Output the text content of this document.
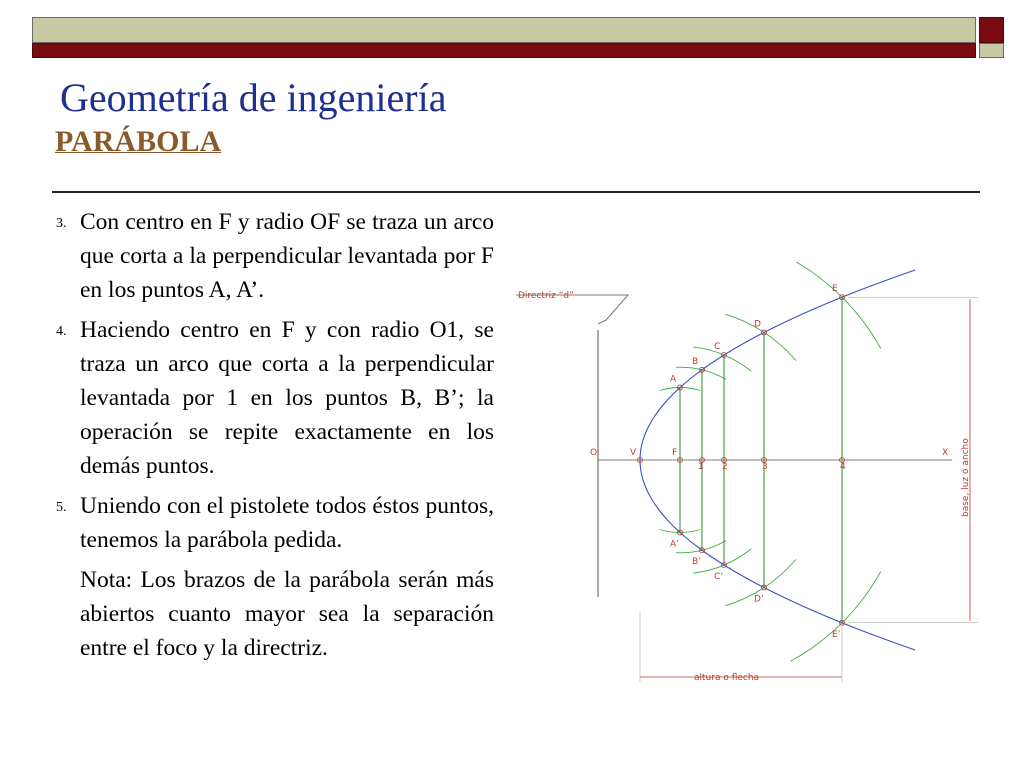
Geometría de ingeniería
PARÁBOLA
3. Con centro en F y radio OF se traza un arco que corta a la perpendicular levantada por F en los puntos A, A’.
4. Haciendo centro en F y con radio O1, se traza un arco que corta a la perpendicular levantada por 1 en los puntos B, B’; la operación se repite exactamente en los demás puntos.
5. Uniendo con el pistolete todos éstos puntos, tenemos la parábola pedida.
Nota: Los brazos de la parábola serán más abiertos cuanto mayor sea la separación entre el foco y la directriz.
A
A’
B
B’
C
C’
D
D’
E
E’
O	V	F
1 2	3	4
X base, luz ó ancho
altura o flecha
Directriz “d”
